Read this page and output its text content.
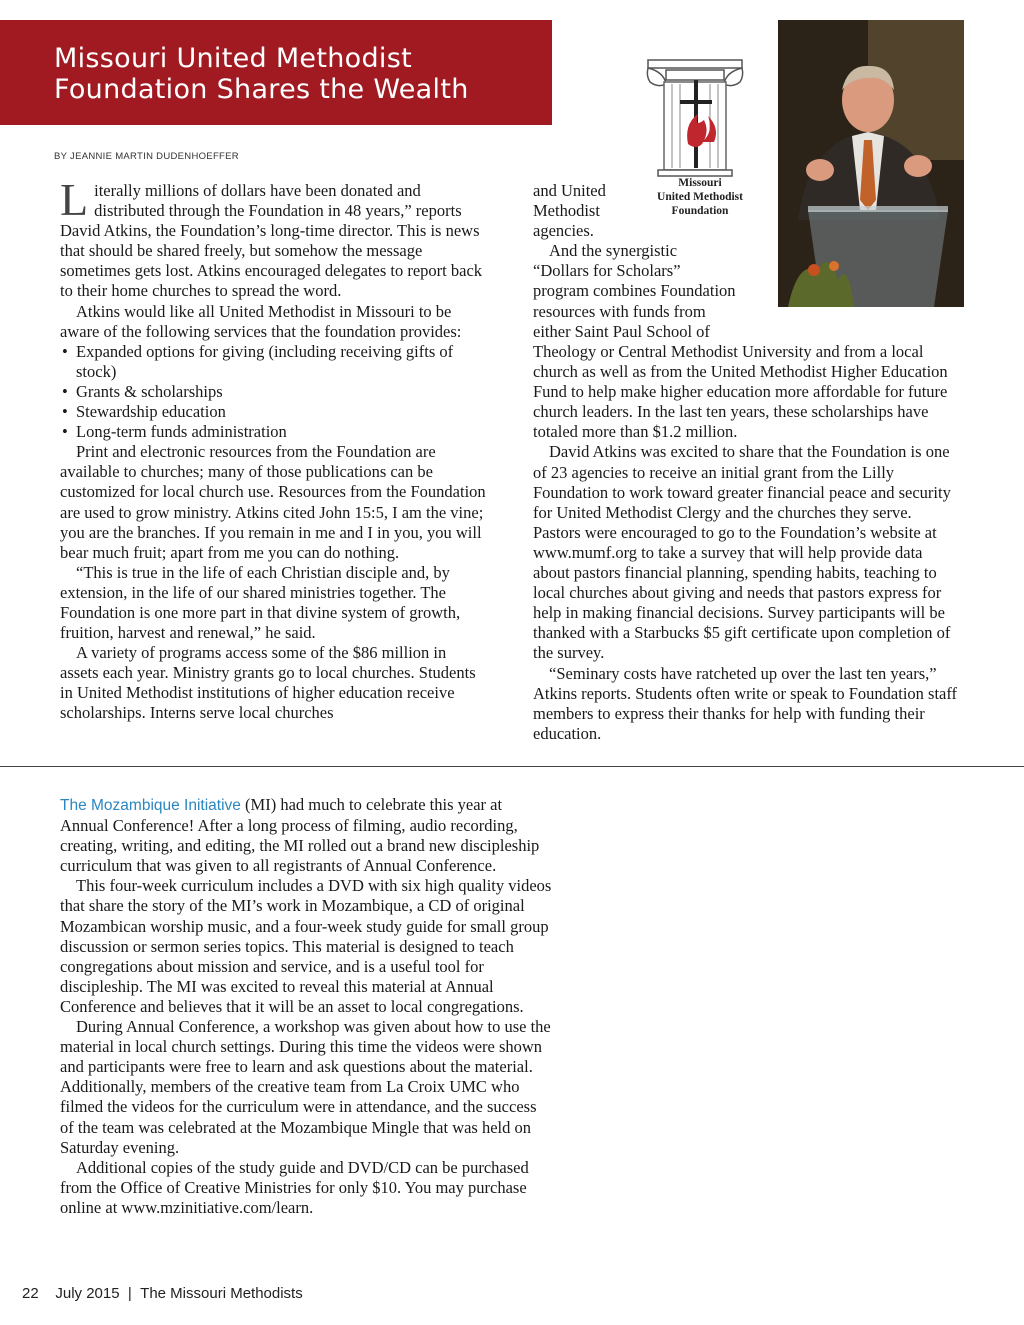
Missouri United Methodist
Foundation Shares the Wealth
BY JEANNIE MARTIN DUDENHOEFFER

Literally millions of dollars have been donated and distributed through the Foundation in 48 years,” reports David Atkins, the Foundation’s long-time director. This is news that should be shared freely, but somehow the message sometimes gets lost. Atkins encouraged delegates to report back to their home churches to spread the word.

Atkins would like all United Methodist in Missouri to be aware of the following services that the foundation provides:

• Expanded options for giving (including receiving gifts of stock)
• Grants & scholarships
• Stewardship education
• Long-term funds administration

Print and electronic resources from the Foundation are available to churches; many of those publications can be customized for local church use. Resources from the Foundation are used to grow ministry. Atkins cited John 15:5, I am the vine; you are the branches. If you remain in me and I in you, you will bear much fruit; apart from me you can do nothing.

“This is true in the life of each Christian disciple and, by extension, in the life of our shared ministries together. The Foundation is one more part in that divine system of growth, fruition, harvest and renewal,” he said.

A variety of programs access some of the $86 million in assets each year. Ministry grants go to local churches. Students in United Methodist institutions of higher education receive scholarships. Interns serve local churches

and United

Methodist

agencies.

And the synergistic

“Dollars for Scholars”

program combines Foundation

resources with funds from

either Saint Paul School of

Theology or Central Methodist University and from a local church as well as from the United Methodist Higher Education Fund to help make higher education more affordable for future church leaders. In the last ten years, these scholarships have totaled more than $1.2 million.

David Atkins was excited to share that the Foundation is one of 23 agencies to receive an initial grant from the Lilly Foundation to work toward greater financial peace and security for United Methodist Clergy and the churches they serve. Pastors were encouraged to go to the Foundation’s website at www.mumf.org to take a survey that will help provide data about pastors financial planning, spending habits, teaching to local churches about giving and needs that pastors express for help in making financial decisions. Survey participants will be thanked with a Starbucks $5 gift certificate upon completion of the survey.

“Seminary costs have ratcheted up over the last ten years,” Atkins reports. Students often write or speak to Foundation staff members to express their thanks for help with funding their education.

Missouri
United Methodist
Foundation

The Mozambique Initiative (MI) had much to celebrate this year at Annual Conference! After a long process of filming, audio recording, creating, writing, and editing, the MI rolled out a brand new discipleship curriculum that was given to all registrants of Annual Conference.

This four-week curriculum includes a DVD with six high quality videos that share the story of the MI’s work in Mozambique, a CD of original Mozambican worship music, and a four-week study guide for small group discussion or sermon series topics. This material is designed to teach congregations about mission and service, and is a useful tool for discipleship. The MI was excited to reveal this material at Annual Conference and believes that it will be an asset to local congregations.

During Annual Conference, a workshop was given about how to use the material in local church settings. During this time the videos were shown and participants were free to learn and ask questions about the material. Additionally, members of the creative team from La Croix UMC who filmed the videos for the curriculum were in attendance, and the success of the team was celebrated at the Mozambique Mingle that was held on Saturday evening.

Additional copies of the study guide and DVD/CD can be purchased from the Office of Creative Ministries for only $10. You may purchase online at www.mzinitiative.com/learn.

22 July 2015 | The Missouri Methodists
